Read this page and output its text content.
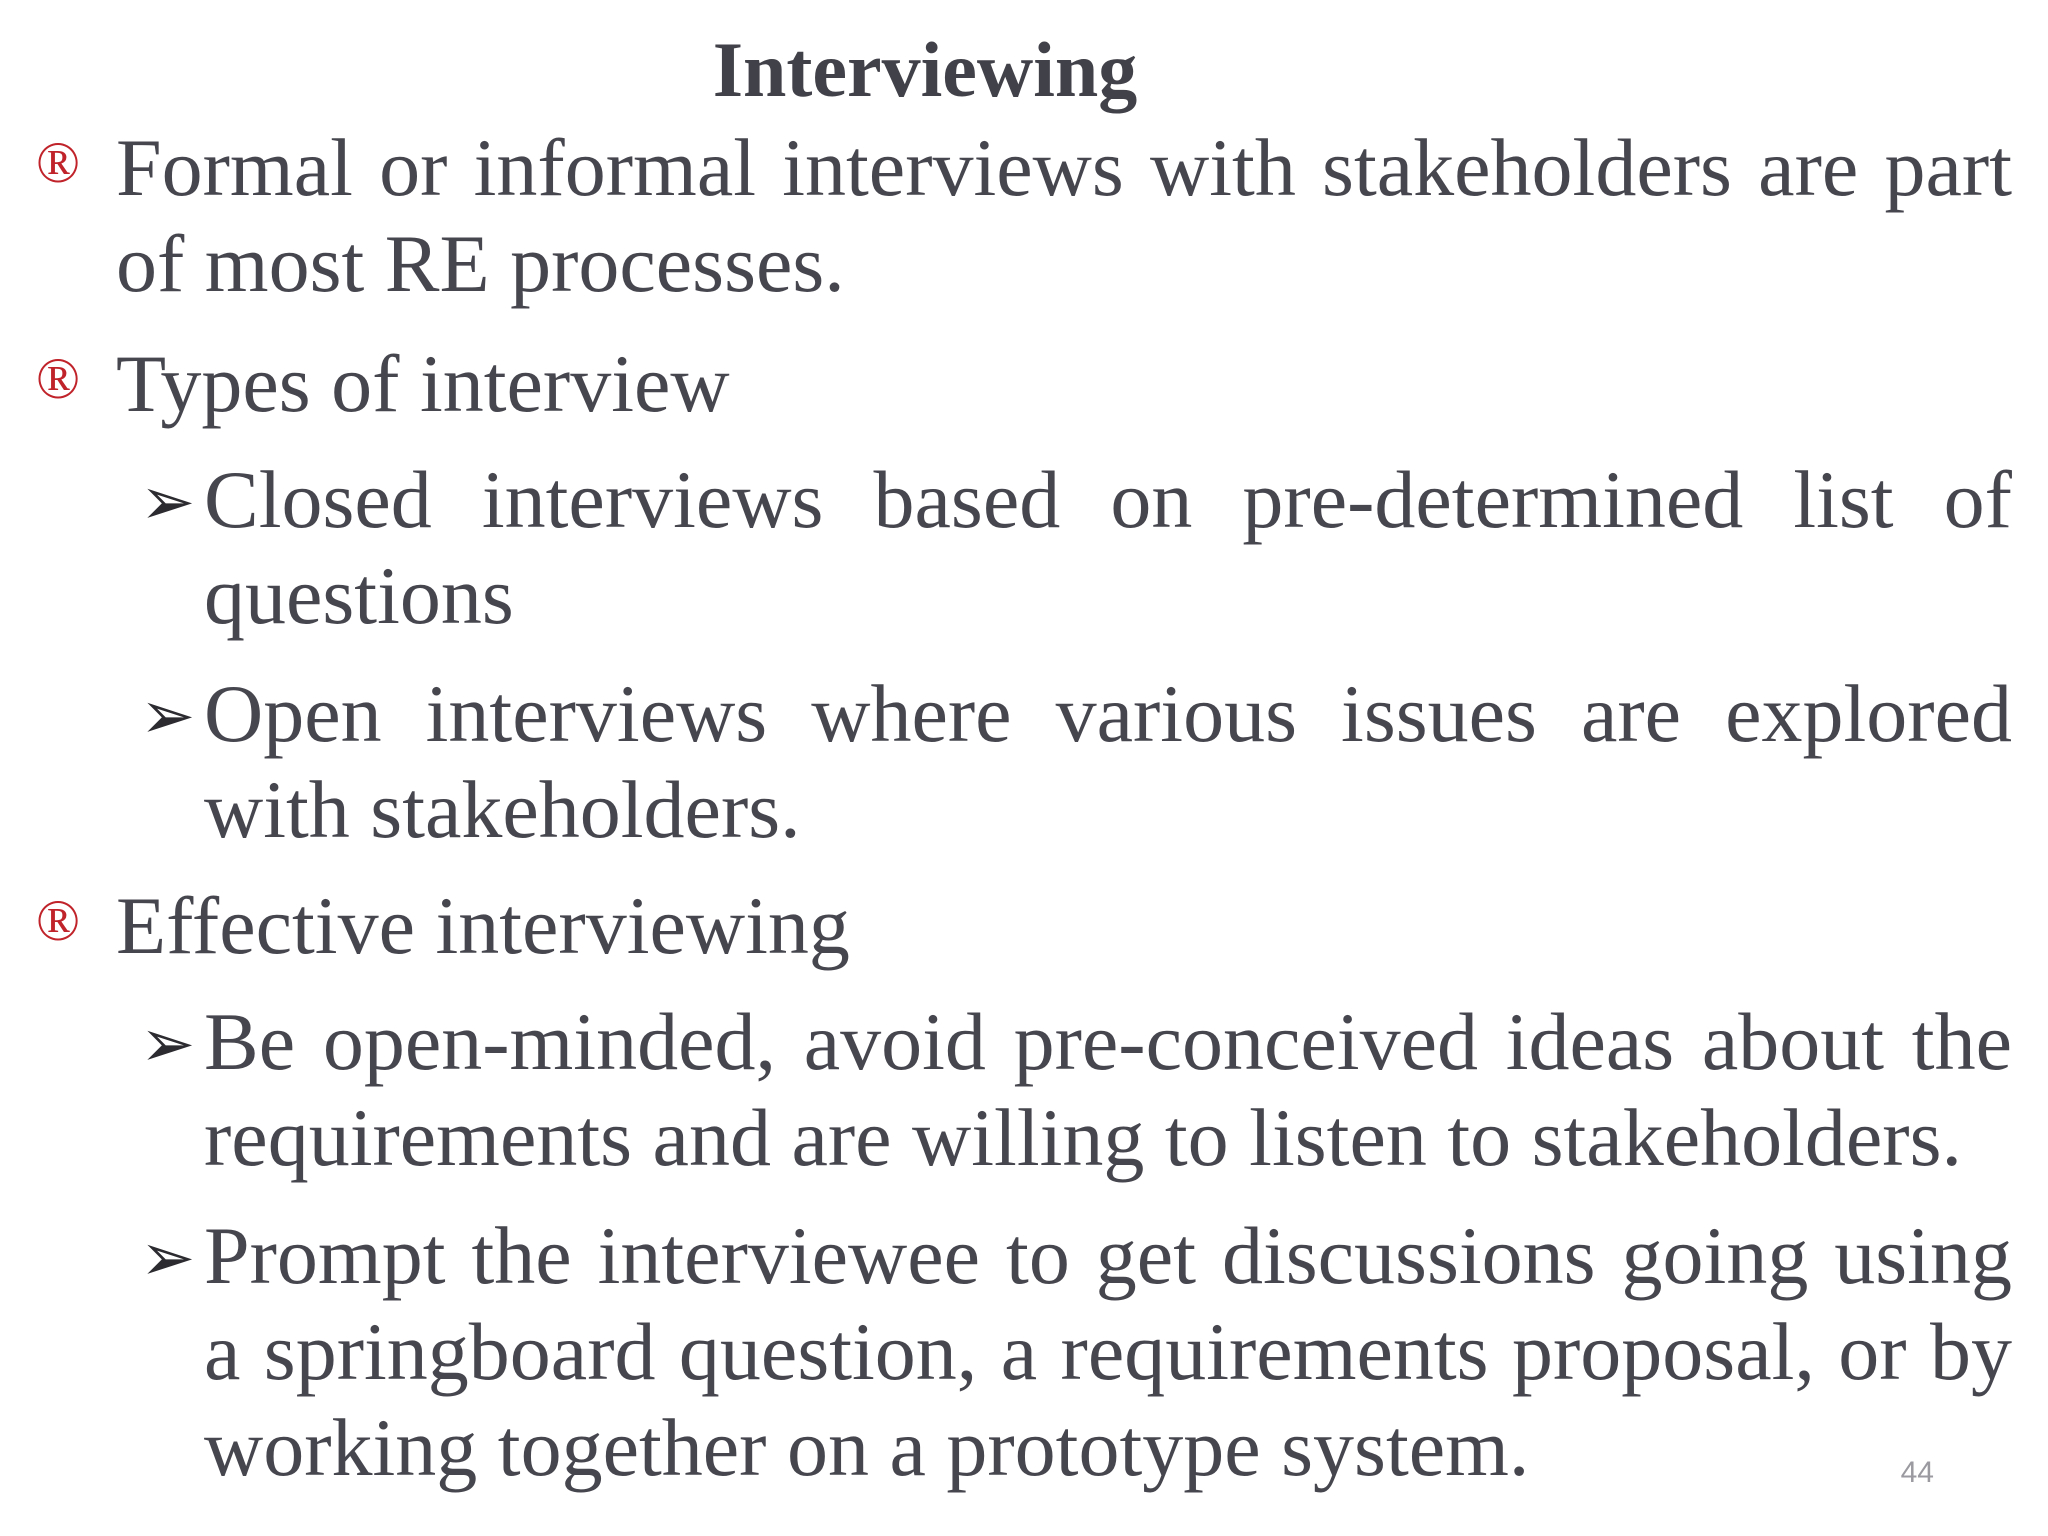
Interviewing
® Formal or informal interviews with stakeholders are part of most RE processes.
® Types of interview
➢ Closed interviews based on pre-determined list of questions
➢ Open interviews where various issues are explored with stakeholders.
® Effective interviewing
➢ Be open-minded, avoid pre-conceived ideas about the requirements and are willing to listen to stakeholders.
➢ Prompt the interviewee to get discussions going using a springboard question, a requirements proposal, or by working together on a prototype system.	44
